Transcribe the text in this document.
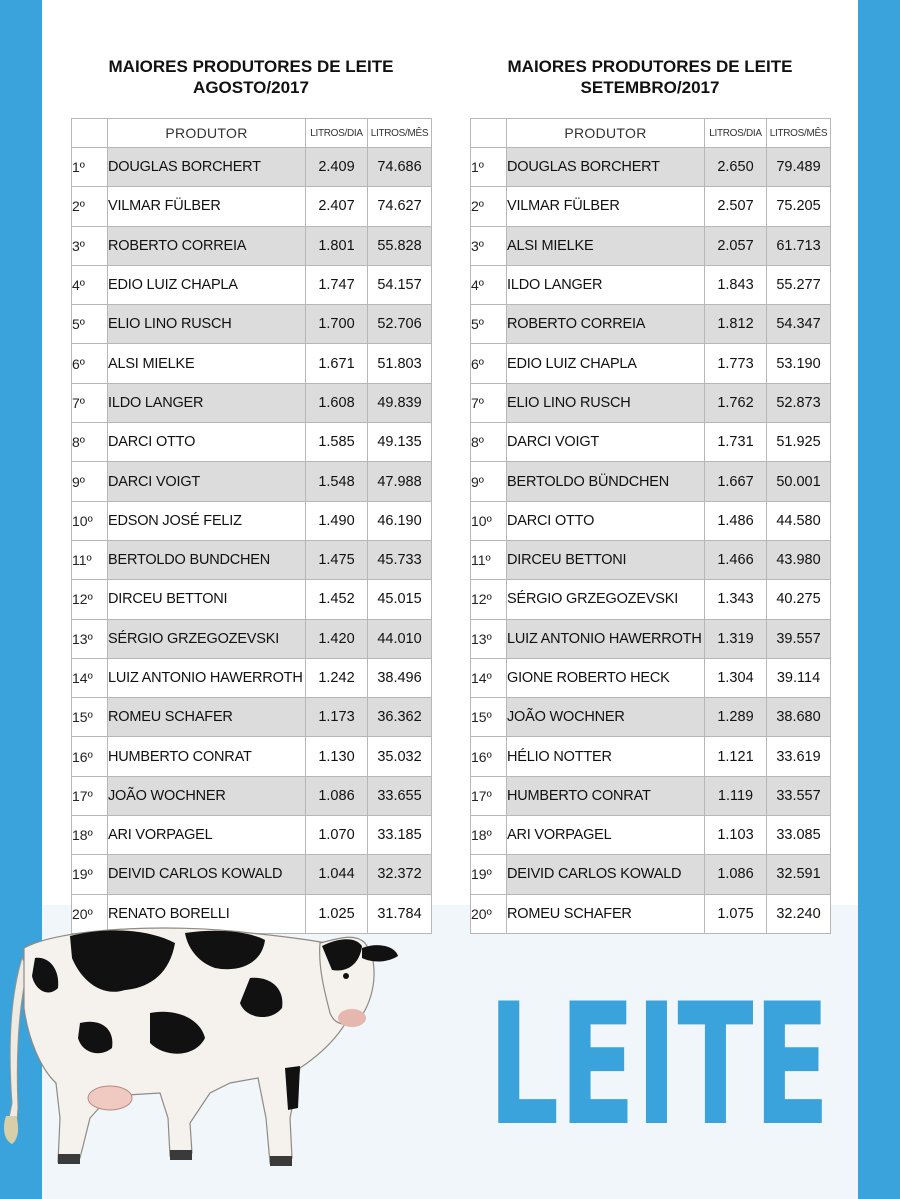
MAIORES PRODUTORES DE LEITE
AGOSTO/2017
	PRODUTOR	LITROS/DIA	LITROS/MÊS
1º	DOUGLAS BORCHERT	2.409	74.686
2º	VILMAR FÜLBER	2.407	74.627
3º	ROBERTO CORREIA	1.801	55.828
4º	EDIO LUIZ CHAPLA	1.747	54.157
5º	ELIO LINO RUSCH	1.700	52.706
6º	ALSI MIELKE	1.671	51.803
7º	ILDO LANGER	1.608	49.839
8º	DARCI OTTO	1.585	49.135
9º	DARCI VOIGT	1.548	47.988
10º	EDSON JOSÉ FELIZ	1.490	46.190
11º	BERTOLDO BUNDCHEN	1.475	45.733
12º	DIRCEU BETTONI	1.452	45.015
13º	SÉRGIO GRZEGOZEVSKI	1.420	44.010
14º	LUIZ ANTONIO HAWERROTH	1.242	38.496
15º	ROMEU SCHAFER	1.173	36.362
16º	HUMBERTO CONRAT	1.130	35.032
17º	JOÃO WOCHNER	1.086	33.655
18º	ARI VORPAGEL	1.070	33.185
19º	DEIVID CARLOS KOWALD	1.044	32.372
20º	RENATO BORELLI	1.025	31.784
MAIORES PRODUTORES DE LEITE
SETEMBRO/2017
	PRODUTOR	LITROS/DIA	LITROS/MÊS
1º	DOUGLAS BORCHERT	2.650	79.489
2º	VILMAR FÜLBER	2.507	75.205
3º	ALSI MIELKE	2.057	61.713
4º	ILDO LANGER	1.843	55.277
5º	ROBERTO CORREIA	1.812	54.347
6º	EDIO LUIZ CHAPLA	1.773	53.190
7º	ELIO LINO RUSCH	1.762	52.873
8º	DARCI VOIGT	1.731	51.925
9º	BERTOLDO BÜNDCHEN	1.667	50.001
10º	DARCI OTTO	1.486	44.580
11º	DIRCEU BETTONI	1.466	43.980
12º	SÉRGIO GRZEGOZEVSKI	1.343	40.275
13º	LUIZ ANTONIO HAWERROTH	1.319	39.557
14º	GIONE ROBERTO HECK	1.304	39.114
15º	JOÃO WOCHNER	1.289	38.680
16º	HÉLIO NOTTER	1.121	33.619
17º	HUMBERTO CONRAT	1.119	33.557
18º	ARI VORPAGEL	1.103	33.085
19º	DEIVID CARLOS KOWALD	1.086	32.591
20º	ROMEU SCHAFER	1.075	32.240
LEITE
